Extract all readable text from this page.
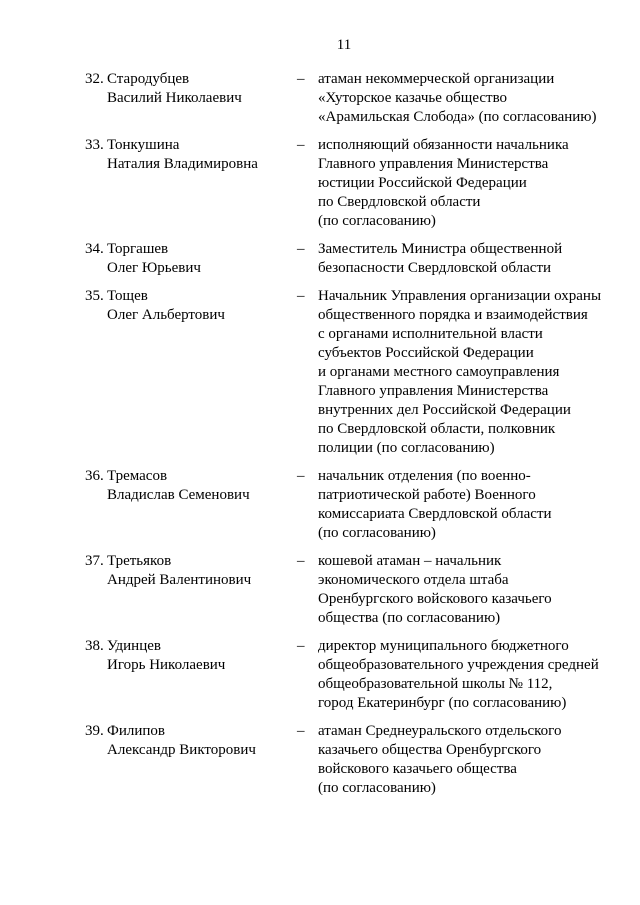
11
32. Стародубцев
Василий Николаевич
– атаман некоммерческой организации
«Хуторское казачье общество
«Арамильская Слобода» (по согласованию)
33. Тонкушина
Наталия Владимировна
– исполняющий обязанности начальника
Главного управления Министерства
юстиции Российской Федерации
по Свердловской области
(по согласованию)
34. Торгашев
Олег Юрьевич
– Заместитель Министра общественной
безопасности Свердловской области
35. Тощев
Олег Альбертович
– Начальник Управления организации охраны
общественного порядка и взаимодействия
с органами исполнительной власти
субъектов Российской Федерации
и органами местного самоуправления
Главного управления Министерства
внутренних дел Российской Федерации
по Свердловской области, полковник
полиции (по согласованию)
36. Тремасов
Владислав Семенович
– начальник отделения (по военно-
патриотической работе) Военного
комиссариата Свердловской области
(по согласованию)
37. Третьяков
Андрей Валентинович
– кошевой атаман – начальник
экономического отдела штаба
Оренбургского войскового казачьего
общества (по согласованию)
38. Удинцев
Игорь Николаевич
– директор муниципального бюджетного
общеобразовательного учреждения средней
общеобразовательной школы № 112,
город Екатеринбург (по согласованию)
39. Филипов
Александр Викторович
– атаман Среднеуральского отдельского
казачьего общества Оренбургского
войскового казачьего общества
(по согласованию)
